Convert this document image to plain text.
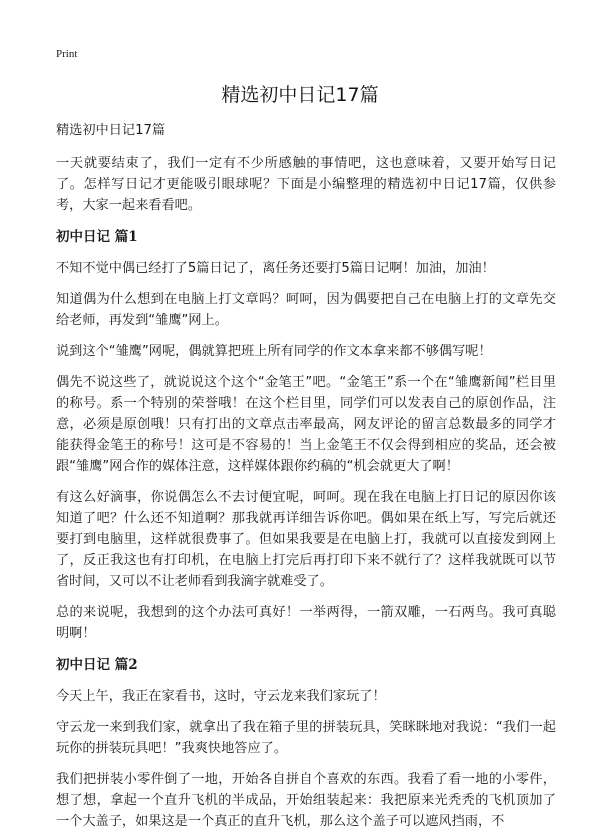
Print
精选初中日记17篇

精选初中日记17篇

一天就要结束了，我们一定有不少所感触的事情吧，这也意味着，又要开始写日记了。怎样写日记才更能吸引眼球呢？下面是小编整理的精选初中日记17篇，仅供参考，大家一起来看看吧。

初中日记 篇1

不知不觉中偶已经打了5篇日记了，离任务还要打5篇日记啊！加油，加油！

知道偶为什么想到在电脑上打文章吗？呵呵，因为偶要把自己在电脑上打的文章先交给老师，再发到“雏鹰”网上。

说到这个“雏鹰”网呢，偶就算把班上所有同学的作文本拿来都不够偶写呢！

偶先不说这些了，就说说这个这个“金笔王”吧。“金笔王”系一个在“雏鹰新闻”栏目里的称号。系一个特别的荣誉哦！在这个栏目里，同学们可以发表自己的原创作品，注意，必须是原创哦！只有打出的文章点击率最高，网友评论的留言总数最多的同学才能获得金笔王的称号！这可是不容易的！当上金笔王不仅会得到相应的奖品，还会被跟“雏鹰”网合作的媒体注意，这样媒体跟你约稿的“机会就更大了啊！

有这么好滴事，你说偶怎么不去讨便宜呢，呵呵。现在我在电脑上打日记的原因你该知道了吧？什么还不知道啊？那我就再详细告诉你吧。偶如果在纸上写，写完后就还要打到电脑里，这样就很费事了。但如果我要是在电脑上打，我就可以直接发到网上了，反正我这也有打印机，在电脑上打完后再打印下来不就行了？这样我就既可以节省时间，又可以不让老师看到我滴字就难受了。

总的来说呢，我想到的这个办法可真好！一举两得，一箭双雕，一石两鸟。我可真聪明啊！

初中日记 篇2

今天上午，我正在家看书，这时，守云龙来我们家玩了！

守云龙一来到我们家，就拿出了我在箱子里的拼装玩具，笑眯眯地对我说：“我们一起玩你的拼装玩具吧！”我爽快地答应了。

我们把拼装小零件倒了一地，开始各自拼自个喜欢的东西。我看了看一地的小零件，想了想，拿起一个直升飞机的半成品，开始组装起来：我把原来光秃秃的飞机顶加了一个大盖子，如果这是一个真正的直升飞机，那么这个盖子可以遮风挡雨，不
